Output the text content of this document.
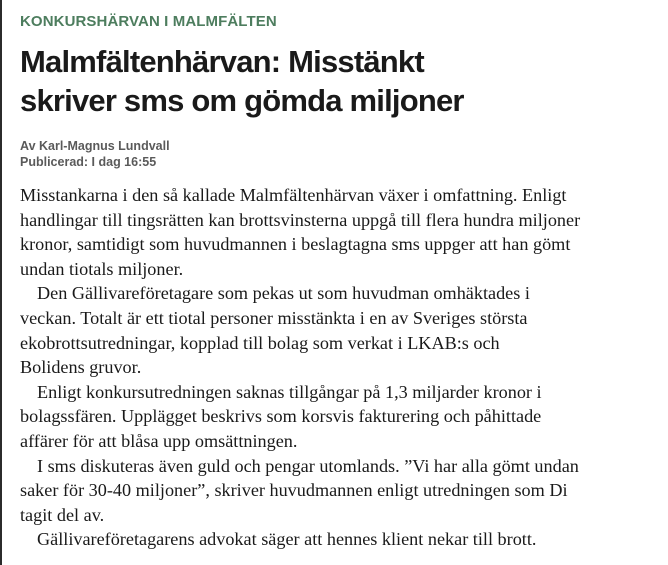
KONKURSHÄRVAN I MALMFÄLTEN
Malmfältenhärvan: Misstänkt
skriver sms om gömda miljoner
Av Karl-Magnus Lundvall
Publicerad: I dag 16:55

Misstankarna i den så kallade Malmfältenhärvan växer i omfattning. Enligt
handlingar till tingsrätten kan brottsvinsterna uppgå till flera hundra miljoner
kronor, samtidigt som huvudmannen i beslagtagna sms uppger att han gömt
undan tiotals miljoner.

Den Gällivareföretagare som pekas ut som huvudman omhäktades i
veckan. Totalt är ett tiotal personer misstänkta i en av Sveriges största
ekobrottsutredningar, kopplad till bolag som verkat i LKAB:s och
Bolidens gruvor.

Enligt konkursutredningen saknas tillgångar på 1,3 miljarder kronor i
bolagssfären. Upplägget beskrivs som korsvis fakturering och påhittade
affärer för att blåsa upp omsättningen.

I sms diskuteras även guld och pengar utomlands. ”Vi har alla gömt undan
saker för 30-40 miljoner”, skriver huvudmannen enligt utredningen som Di
tagit del av.

Gällivareföretagarens advokat säger att hennes klient nekar till brott.
